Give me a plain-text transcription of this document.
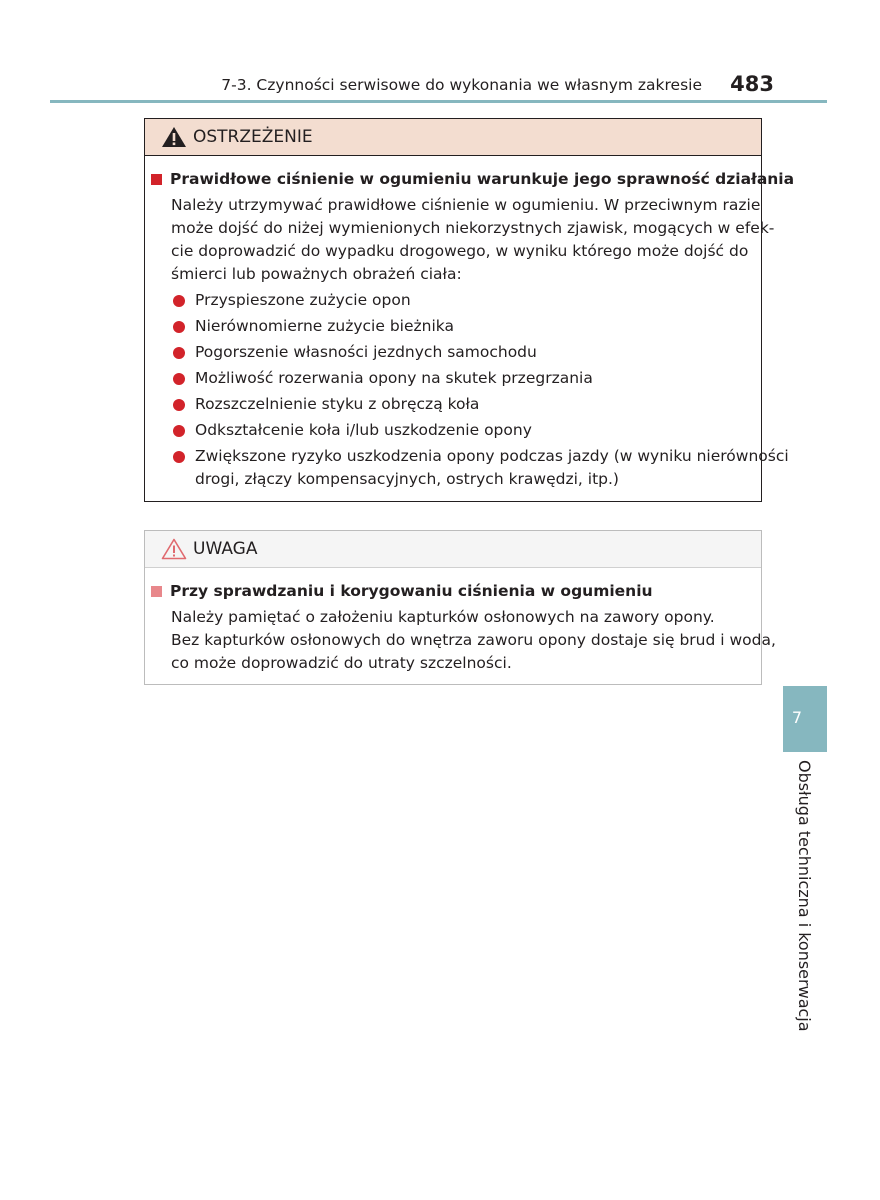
7-3. Czynności serwisowe do wykonania we własnym zakresie 483
OSTRZEŻENIE
Prawidłowe ciśnienie w ogumieniu warunkuje jego sprawność działania
Należy utrzymywać prawidłowe ciśnienie w ogumieniu. W przeciwnym razie
może dojść do niżej wymienionych niekorzystnych zjawisk, mogących w efek-
cie doprowadzić do wypadku drogowego, w wyniku którego może dojść do
śmierci lub poważnych obrażeń ciała:
Przyspieszone zużycie opon
Nierównomierne zużycie bieżnika
Pogorszenie własności jezdnych samochodu
Możliwość rozerwania opony na skutek przegrzania
Rozszczelnienie styku z obręczą koła
Odkształcenie koła i/lub uszkodzenie opony
Zwiększone ryzyko uszkodzenia opony podczas jazdy (w wyniku nierówności
drogi, złączy kompensacyjnych, ostrych krawędzi, itp.)
UWAGA
Przy sprawdzaniu i korygowaniu ciśnienia w ogumieniu
Należy pamiętać o założeniu kapturków osłonowych na zawory opony.
Bez kapturków osłonowych do wnętrza zaworu opony dostaje się brud i woda,
co może doprowadzić do utraty szczelności.
7
Obsługa techniczna i konserwacja
